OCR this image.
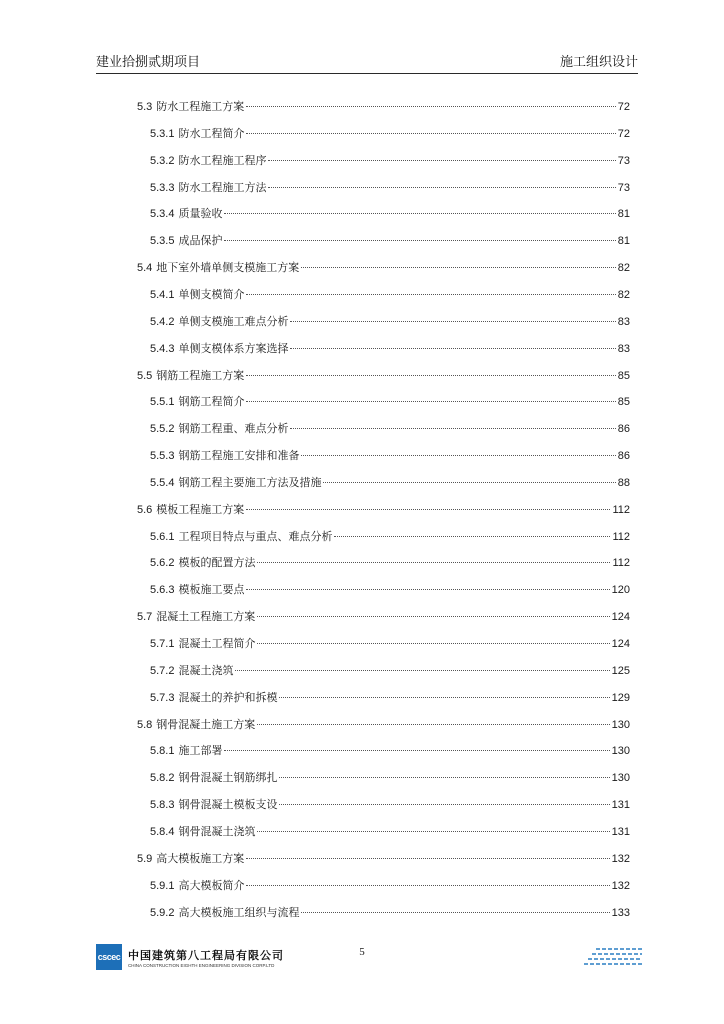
建业拾捌贰期项目	施工组织设计
5.3 防水工程施工方案	72
5.3.1 防水工程简介	72
5.3.2 防水工程施工程序	73
5.3.3 防水工程施工方法	73
5.3.4 质量验收	81
5.3.5 成品保护	81
5.4 地下室外墙单侧支模施工方案	82
5.4.1 单侧支模简介	82
5.4.2 单侧支模施工难点分析	83
5.4.3 单侧支模体系方案选择	83
5.5 钢筋工程施工方案	85
5.5.1 钢筋工程简介	85
5.5.2 钢筋工程重、难点分析	86
5.5.3 钢筋工程施工安排和准备	86
5.5.4 钢筋工程主要施工方法及措施	88
5.6 模板工程施工方案	112
5.6.1 工程项目特点与重点、难点分析	112
5.6.2 模板的配置方法	112
5.6.3 模板施工要点	120
5.7 混凝土工程施工方案	124
5.7.1 混凝土工程简介	124
5.7.2 混凝土浇筑	125
5.7.3 混凝土的养护和拆模	129
5.8 钢骨混凝土施工方案	130
5.8.1 施工部署	130
5.8.2 钢骨混凝土钢筋绑扎	130
5.8.3 钢骨混凝土模板支设	131
5.8.4 钢骨混凝土浇筑	131
5.9 高大模板施工方案	132
5.9.1 高大模板简介	132
5.9.2 高大模板施工组织与流程	133
cscec 中国建筑第八工程局有限公司
CHINA CONSTRUCTION EIGHTH ENGINEERING DIVISION CORP.LTD
5
